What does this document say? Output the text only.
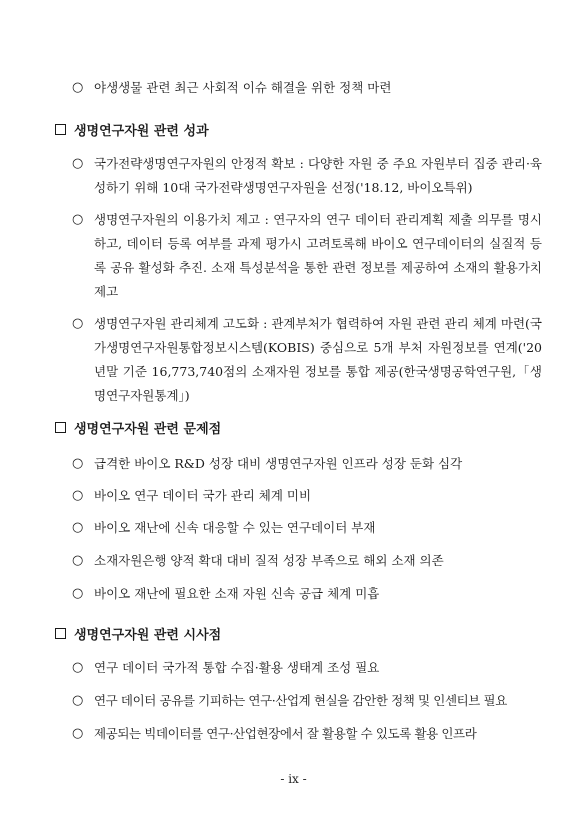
○ 야생생물 관련 최근 사회적 이슈 해결을 위한 정책 마련
생명연구자원 관련 성과
○ 국가전략생명연구자원의 안정적 확보 : 다양한 자원 중 주요 자원부터 집중 관리·육성하기 위해 10대 국가전략생명연구자원을 선정('18.12, 바이오특위)
○ 생명연구자원의 이용가치 제고 : 연구자의 연구 데이터 관리계획 제출 의무를 명시하고, 데이터 등록 여부를 과제 평가시 고려토록해 바이오 연구데이터의 실질적 등록 공유 활성화 추진. 소재 특성분석을 통한 관련 정보를 제공하여 소재의 활용가치 제고
○ 생명연구자원 관리체계 고도화 : 관계부처가 협력하여 자원 관련 관리 체계 마련(국가생명연구자원통합정보시스템(KOBIS) 중심으로 5개 부처 자원정보를 연계('20년말 기준 16,773,740점의 소재자원 정보를 통합 제공(한국생명공학연구원,「생명연구자원통계」)
생명연구자원 관련 문제점
○ 급격한 바이오 R&D 성장 대비 생명연구자원 인프라 성장 둔화 심각
○ 바이오 연구 데이터 국가 관리 체계 미비
○ 바이오 재난에 신속 대응할 수 있는 연구데이터 부재
○ 소재자원은행 양적 확대 대비 질적 성장 부족으로 해외 소재 의존
○ 바이오 재난에 필요한 소재 자원 신속 공급 체계 미흡
생명연구자원 관련 시사점
○ 연구 데이터 국가적 통합 수집·활용 생태계 조성 필요
○ 연구 데이터 공유를 기피하는 연구·산업계 현실을 감안한 정책 및 인센티브 필요
○ 제공되는 빅데이터를 연구·산업현장에서 잘 활용할 수 있도록 활용 인프라
- ix -
